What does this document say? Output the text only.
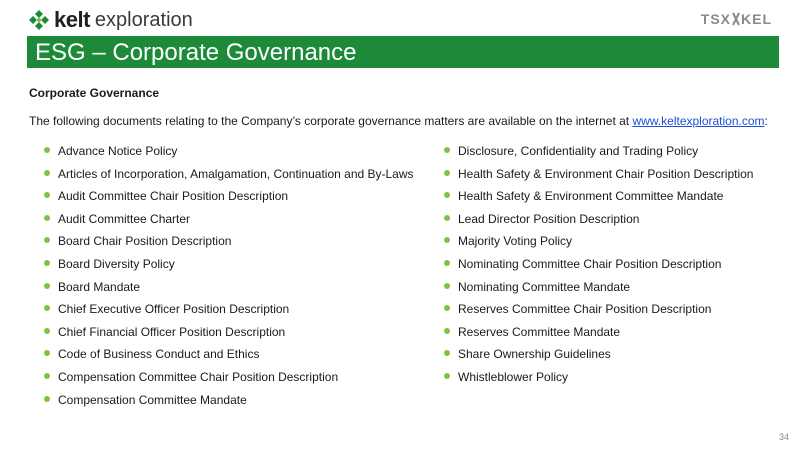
kelt exploration	TSX KEL
ESG – Corporate Governance
Corporate Governance
The following documents relating to the Company’s corporate governance matters are available on the internet at www.keltexploration.com:
Advance Notice Policy
Articles of Incorporation, Amalgamation, Continuation and By-Laws
Audit Committee Chair Position Description
Audit Committee Charter
Board Chair Position Description
Board Diversity Policy
Board Mandate
Chief Executive Officer Position Description
Chief Financial Officer Position Description
Code of Business Conduct and Ethics
Compensation Committee Chair Position Description
Compensation Committee Mandate
Disclosure, Confidentiality and Trading Policy
Health Safety & Environment Chair Position Description
Health Safety & Environment Committee Mandate
Lead Director Position Description
Majority Voting Policy
Nominating Committee Chair Position Description
Nominating Committee Mandate
Reserves Committee Chair Position Description
Reserves Committee Mandate
Share Ownership Guidelines
Whistleblower Policy
34
